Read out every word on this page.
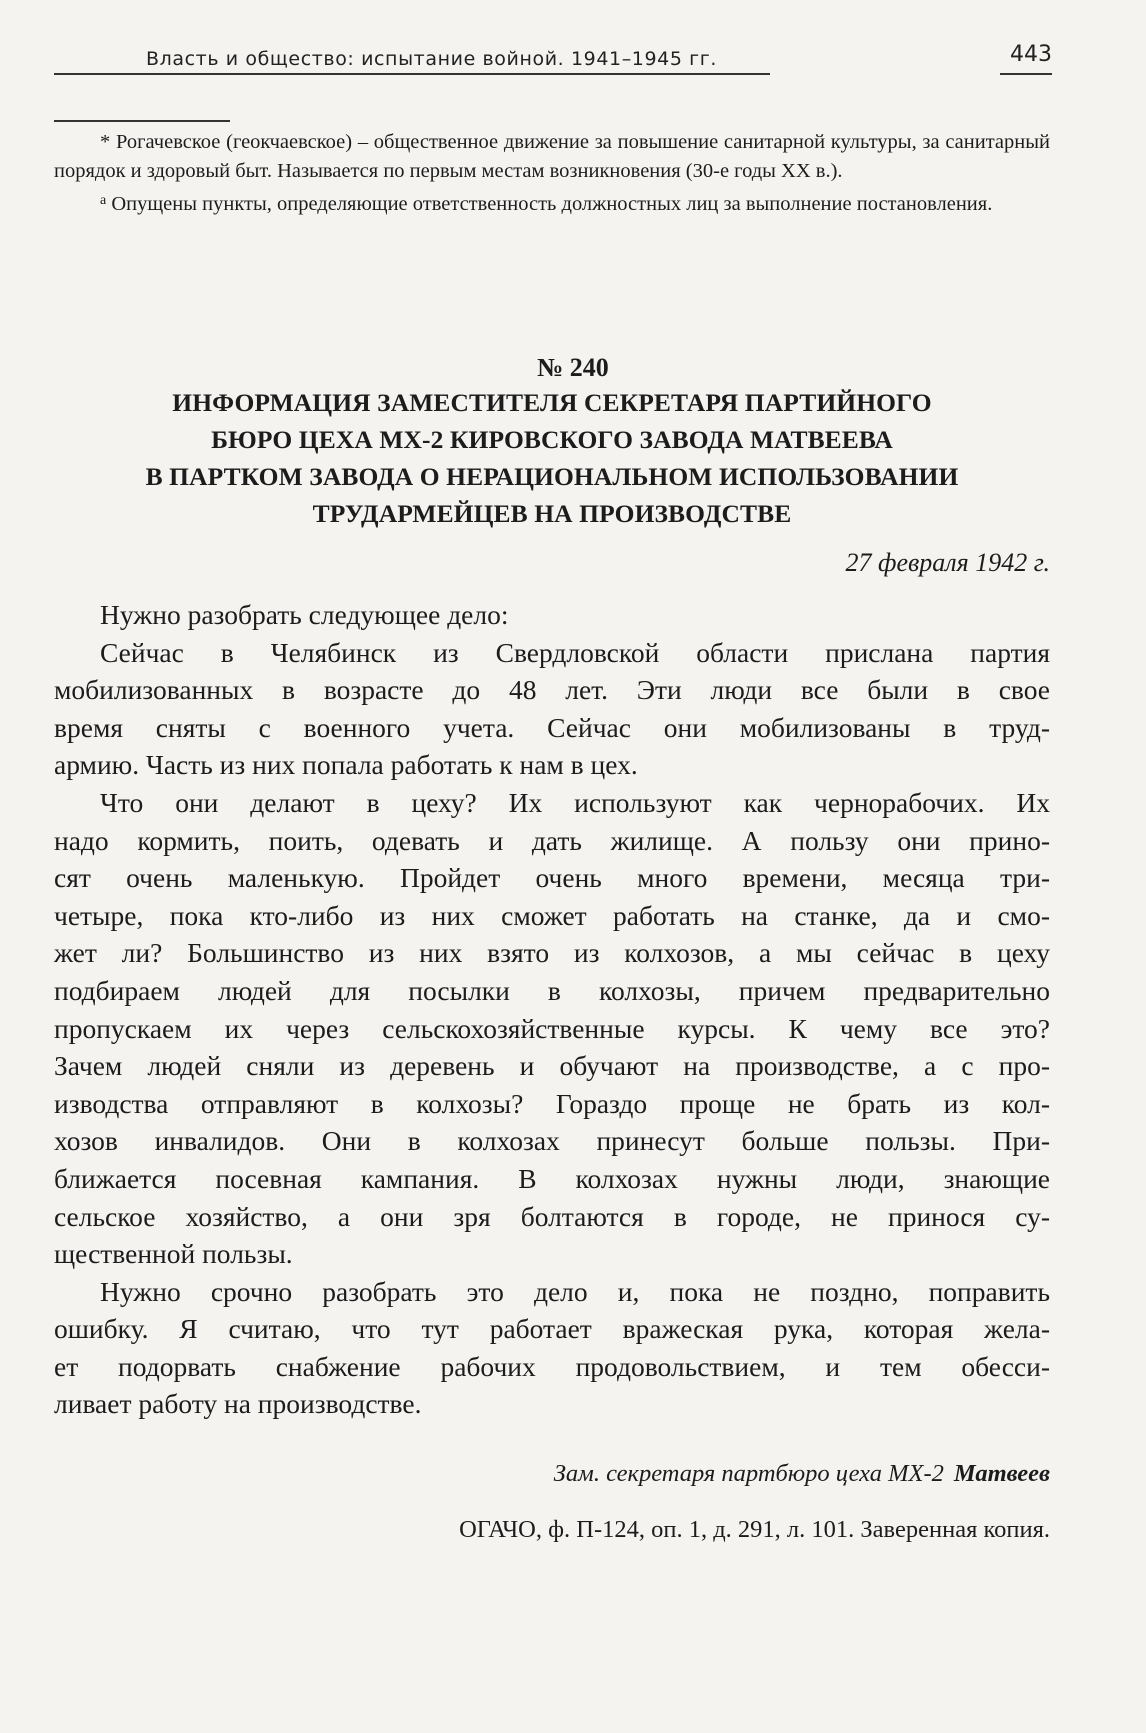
Власть и общество: испытание войной. 1941–1945 гг.	443

* Рогачевское (геокчаевское) – общественное движение за повышение санитарной культуры, за санитарный порядок и здоровый быт. Называется по первым местам возникновения (30-е годы XX в.).

$^а$ Опущены пункты, определяющие ответственность должностных лиц за выполнение постановления.

№ 240
ИНФОРМАЦИЯ ЗАМЕСТИТЕЛЯ СЕКРЕТАРЯ ПАРТИЙНОГО
БЮРО ЦЕХА МХ-2 КИРОВСКОГО ЗАВОДА МАТВЕЕВА
В ПАРТКОМ ЗАВОДА О НЕРАЦИОНАЛЬНОМ ИСПОЛЬЗОВАНИИ
ТРУДАРМЕЙЦЕВ НА ПРОИЗВОДСТВЕ
27 февраля 1942 г.
Нужно разобрать следующее дело:
Сейчас в Челябинск из Свердловской области прислана партия
мобилизованных в возрасте до 48 лет. Эти люди все были в свое
время сняты с военного учета. Сейчас они мобилизованы в труд-
армию. Часть из них попала работать к нам в цех.
Что они делают в цеху? Их используют как чернорабочих. Их
надо кормить, поить, одевать и дать жилище. А пользу они прино-
сят очень маленькую. Пройдет очень много времени, месяца три-
четыре, пока кто-либо из них сможет работать на станке, да и смо-
жет ли? Большинство из них взято из колхозов, а мы сейчас в цеху
подбираем людей для посылки в колхозы, причем предварительно
пропускаем их через сельскохозяйственные курсы. К чему все это?
Зачем людей сняли из деревень и обучают на производстве, а с про-
изводства отправляют в колхозы? Гораздо проще не брать из кол-
хозов инвалидов. Они в колхозах принесут больше пользы. При-
ближается посевная кампания. В колхозах нужны люди, знающие
сельское хозяйство, а они зря болтаются в городе, не принося су-
щественной пользы.
Нужно срочно разобрать это дело и, пока не поздно, поправить
ошибку. Я считаю, что тут работает вражеская рука, которая жела-
ет подорвать снабжение рабочих продовольствием, и тем обесси-
ливает работу на производстве.
Зам. секретаря партбюро цеха МХ-2 Матвеев
ОГАЧО, ф. П-124, оп. 1, д. 291, л. 101. Заверенная копия.
